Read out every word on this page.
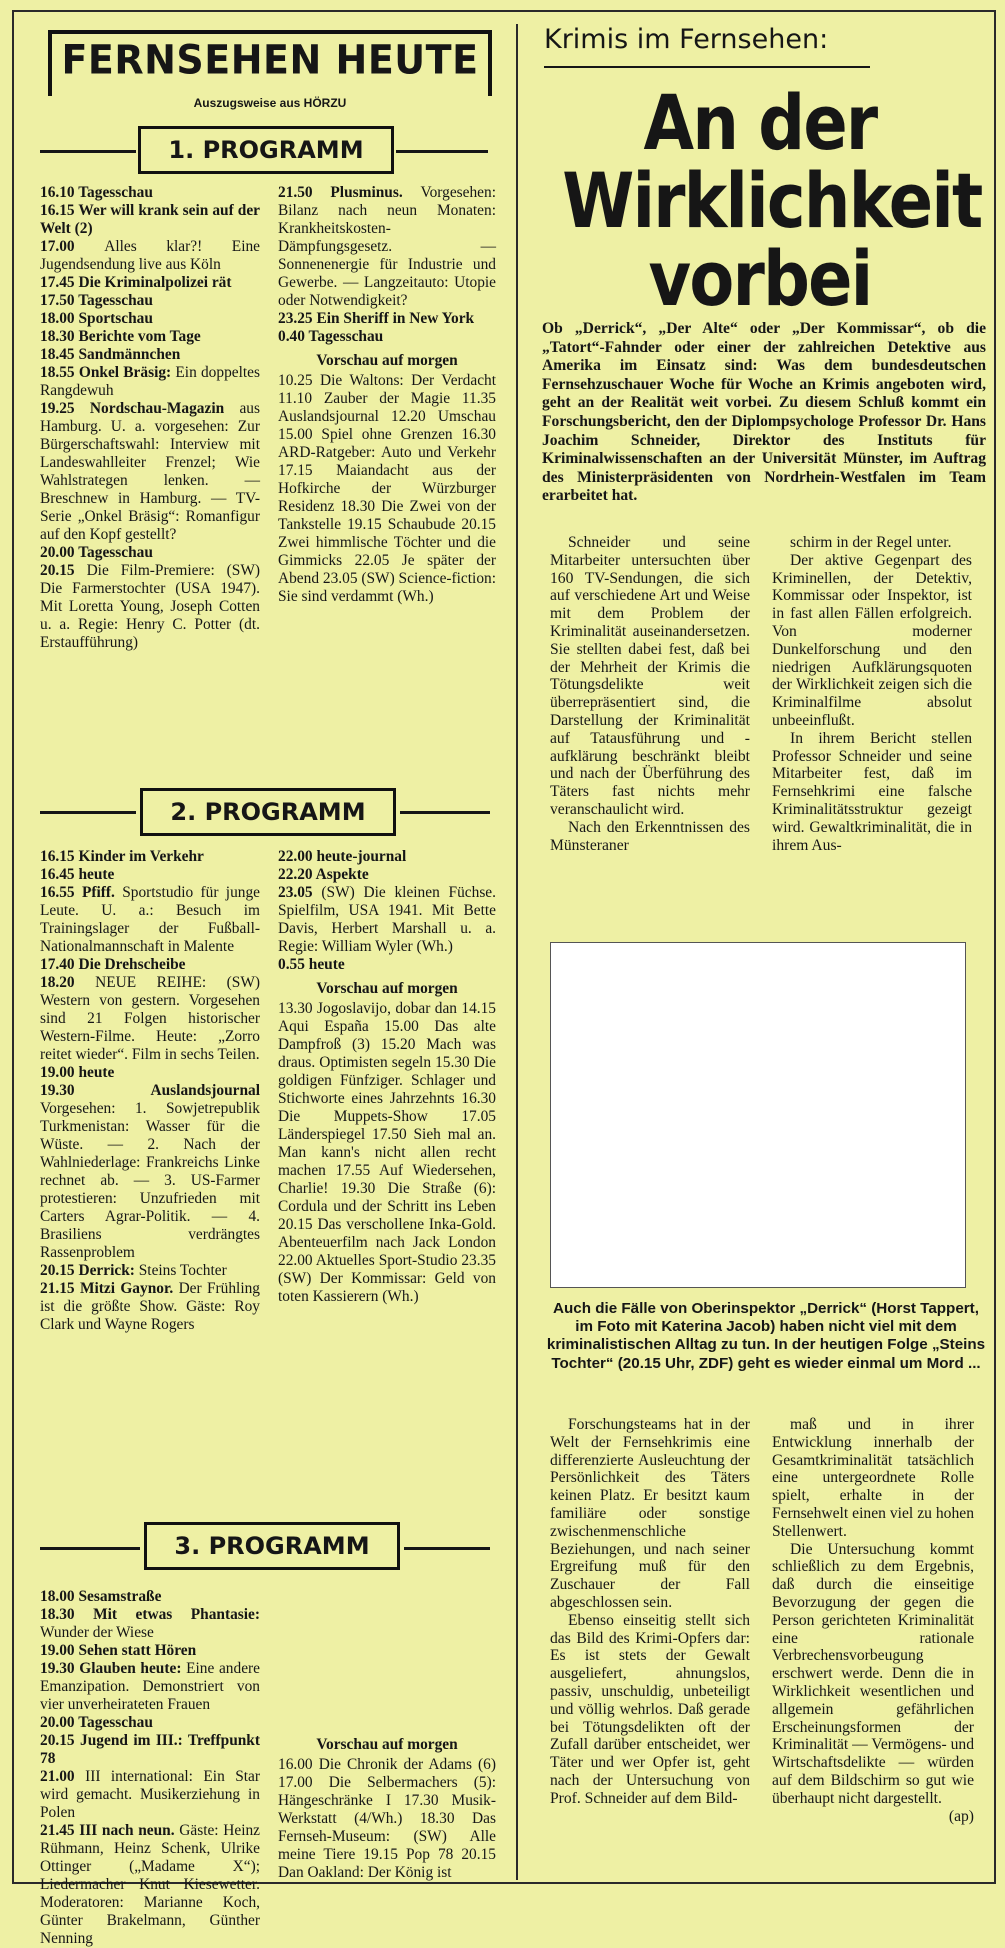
FERNSEHEN HEUTE
Auszugsweise aus HÖRZU
1. PROGRAMM

16.10 Tagesschau

16.15 Wer will krank sein auf der Welt (2)

17.00 Alles klar?! Eine Jugendsendung live aus Köln

17.45 Die Kriminalpolizei rät

17.50 Tagesschau

18.00 Sportschau

18.30 Berichte vom Tage

18.45 Sandmännchen

18.55 Onkel Bräsig: Ein doppeltes Rangdewuh

19.25 Nordschau-Magazin aus Hamburg. U. a. vorgesehen: Zur Bürgerschaftswahl: Interview mit Landeswahlleiter Frenzel; Wie Wahlstrategen lenken. — Breschnew in Hamburg. — TV-Serie „Onkel Bräsig“: Romanfigur auf den Kopf gestellt?

20.00 Tagesschau

20.15 Die Film-Premiere: (SW) Die Farmerstochter (USA 1947). Mit Loretta Young, Joseph Cotten u. a. Regie: Henry C. Potter (dt. Erstaufführung)

21.50 Plusminus. Vorgesehen: Bilanz nach neun Monaten: Krankheitskosten-Dämpfungsgesetz. — Sonnenenergie für Industrie und Gewerbe. — Langzeitauto: Utopie oder Notwendigkeit?

23.25 Ein Sheriff in New York

0.40 Tagesschau

Vorschau auf morgen
10.25 Die Waltons: Der Verdacht 11.10 Zauber der Magie 11.35 Auslandsjournal 12.20 Umschau 15.00 Spiel ohne Grenzen 16.30 ARD-Ratgeber: Auto und Verkehr 17.15 Maiandacht aus der Hofkirche der Würzburger Residenz 18.30 Die Zwei von der Tankstelle 19.15 Schaubude 20.15 Zwei himmlische Töchter und die Gimmicks 22.05 Je später der Abend 23.05 (SW) Science-fiction: Sie sind verdammt (Wh.)
2. PROGRAMM

16.15 Kinder im Verkehr

16.45 heute

16.55 Pfiff. Sportstudio für junge Leute. U. a.: Besuch im Trainingslager der Fußball-Nationalmannschaft in Malente

17.40 Die Drehscheibe

18.20 NEUE REIHE: (SW) Western von gestern. Vorgesehen sind 21 Folgen historischer Western-Filme. Heute: „Zorro reitet wieder“. Film in sechs Teilen.

19.00 heute

19.30 Auslandsjournal Vorgesehen: 1. Sowjetrepublik Turkmenistan: Wasser für die Wüste. — 2. Nach der Wahlniederlage: Frankreichs Linke rechnet ab. — 3. US-Farmer protestieren: Unzufrieden mit Carters Agrar-Politik. — 4. Brasiliens verdrängtes Rassenproblem

20.15 Derrick: Steins Tochter

21.15 Mitzi Gaynor. Der Frühling ist die größte Show. Gäste: Roy Clark und Wayne Rogers

22.00 heute-journal

22.20 Aspekte

23.05 (SW) Die kleinen Füchse. Spielfilm, USA 1941. Mit Bette Davis, Herbert Marshall u. a. Regie: William Wyler (Wh.)

0.55 heute

Vorschau auf morgen
13.30 Jogoslavijo, dobar dan 14.15 Aqui España 15.00 Das alte Dampfroß (3) 15.20 Mach was draus. Optimisten segeln 15.30 Die goldigen Fünfziger. Schlager und Stichworte eines Jahrzehnts 16.30 Die Muppets-Show 17.05 Länderspiegel 17.50 Sieh mal an. Man kann's nicht allen recht machen 17.55 Auf Wiedersehen, Charlie! 19.30 Die Straße (6): Cordula und der Schritt ins Leben 20.15 Das verschollene Inka-Gold. Abenteuerfilm nach Jack London 22.00 Aktuelles Sport-Studio 23.35 (SW) Der Kommissar: Geld von toten Kassierern (Wh.)
3. PROGRAMM

18.00 Sesamstraße

18.30 Mit etwas Phantasie: Wunder der Wiese

19.00 Sehen statt Hören

19.30 Glauben heute: Eine andere Emanzipation. Demonstriert von vier unverheirateten Frauen

20.00 Tagesschau

20.15 Jugend im III.: Treffpunkt 78

21.00 III international: Ein Star wird gemacht. Musikerziehung in Polen

21.45 III nach neun. Gäste: Heinz Rühmann, Heinz Schenk, Ulrike Ottinger („Madame X“); Liedermacher Knut Kiesewetter. Moderatoren: Marianne Koch, Günter Brakelmann, Günther Nenning

Vorschau auf morgen
16.00 Die Chronik der Adams (6) 17.00 Die Selbermachers (5): Hängeschränke I 17.30 Musik-Werkstatt (4/Wh.) 18.30 Das Fernseh-Museum: (SW) Alle meine Tiere 19.15 Pop 78 20.15 Dan Oakland: Der König ist
Krimis im Fernsehen:
An der Wirklichkeit vorbei
Ob „Derrick“, „Der Alte“ oder „Der Kommissar“, ob die „Tatort“-Fahnder oder einer der zahlreichen Detektive aus Amerika im Einsatz sind: Was dem bundesdeutschen Fernsehzuschauer Woche für Woche an Krimis angeboten wird, geht an der Realität weit vorbei. Zu diesem Schluß kommt ein Forschungsbericht, den der Diplompsychologe Professor Dr. Hans Joachim Schneider, Direktor des Instituts für Kriminalwissenschaften an der Universität Münster, im Auftrag des Ministerpräsidenten von Nordrhein-Westfalen im Team erarbeitet hat.

Schneider und seine Mitarbeiter untersuchten über 160 TV-Sendungen, die sich auf verschiedene Art und Weise mit dem Problem der Kriminalität auseinandersetzen. Sie stellten dabei fest, daß bei der Mehrheit der Krimis die Tötungsdelikte weit überrepräsentiert sind, die Darstellung der Kriminalität auf Tatausführung und -aufklärung beschränkt bleibt und nach der Überführung des Täters fast nichts mehr veranschaulicht wird.

Nach den Erkenntnissen des Münsteraner

schirm in der Regel unter.

Der aktive Gegenpart des Kriminellen, der Detektiv, Kommissar oder Inspektor, ist in fast allen Fällen erfolgreich. Von moderner Dunkelforschung und den niedrigen Aufklärungsquoten der Wirklichkeit zeigen sich die Kriminalfilme absolut unbeeinflußt.

In ihrem Bericht stellen Professor Schneider und seine Mitarbeiter fest, daß im Fernsehkrimi eine falsche Kriminalitätsstruktur gezeigt wird. Gewaltkriminalität, die in ihrem Aus-

Auch die Fälle von Oberinspektor „Derrick“ (Horst Tappert, im Foto mit Katerina Jacob) haben nicht viel mit dem kriminalistischen Alltag zu tun. In der heutigen Folge „Steins Tochter“ (20.15 Uhr, ZDF) geht es wieder einmal um Mord ...

Forschungsteams hat in der Welt der Fernsehkrimis eine differenzierte Ausleuchtung der Persönlichkeit des Täters keinen Platz. Er besitzt kaum familiäre oder sonstige zwischenmenschliche Beziehungen, und nach seiner Ergreifung muß für den Zuschauer der Fall abgeschlossen sein.

Ebenso einseitig stellt sich das Bild des Krimi-Opfers dar: Es ist stets der Gewalt ausgeliefert, ahnungslos, passiv, unschuldig, unbeteiligt und völlig wehrlos. Daß gerade bei Tötungsdelikten oft der Zufall darüber entscheidet, wer Täter und wer Opfer ist, geht nach der Untersuchung von Prof. Schneider auf dem Bild-

maß und in ihrer Entwicklung innerhalb der Gesamtkriminalität tatsächlich eine untergeordnete Rolle spielt, erhalte in der Fernsehwelt einen viel zu hohen Stellenwert.

Die Untersuchung kommt schließlich zu dem Ergebnis, daß durch die einseitige Bevorzugung der gegen die Person gerichteten Kriminalität eine rationale Verbrechensvorbeugung erschwert werde. Denn die in Wirklichkeit wesentlichen und allgemein gefährlichen Erscheinungsformen der Kriminalität — Vermögens- und Wirtschaftsdelikte — würden auf dem Bildschirm so gut wie überhaupt nicht dargestellt.

(ap)
